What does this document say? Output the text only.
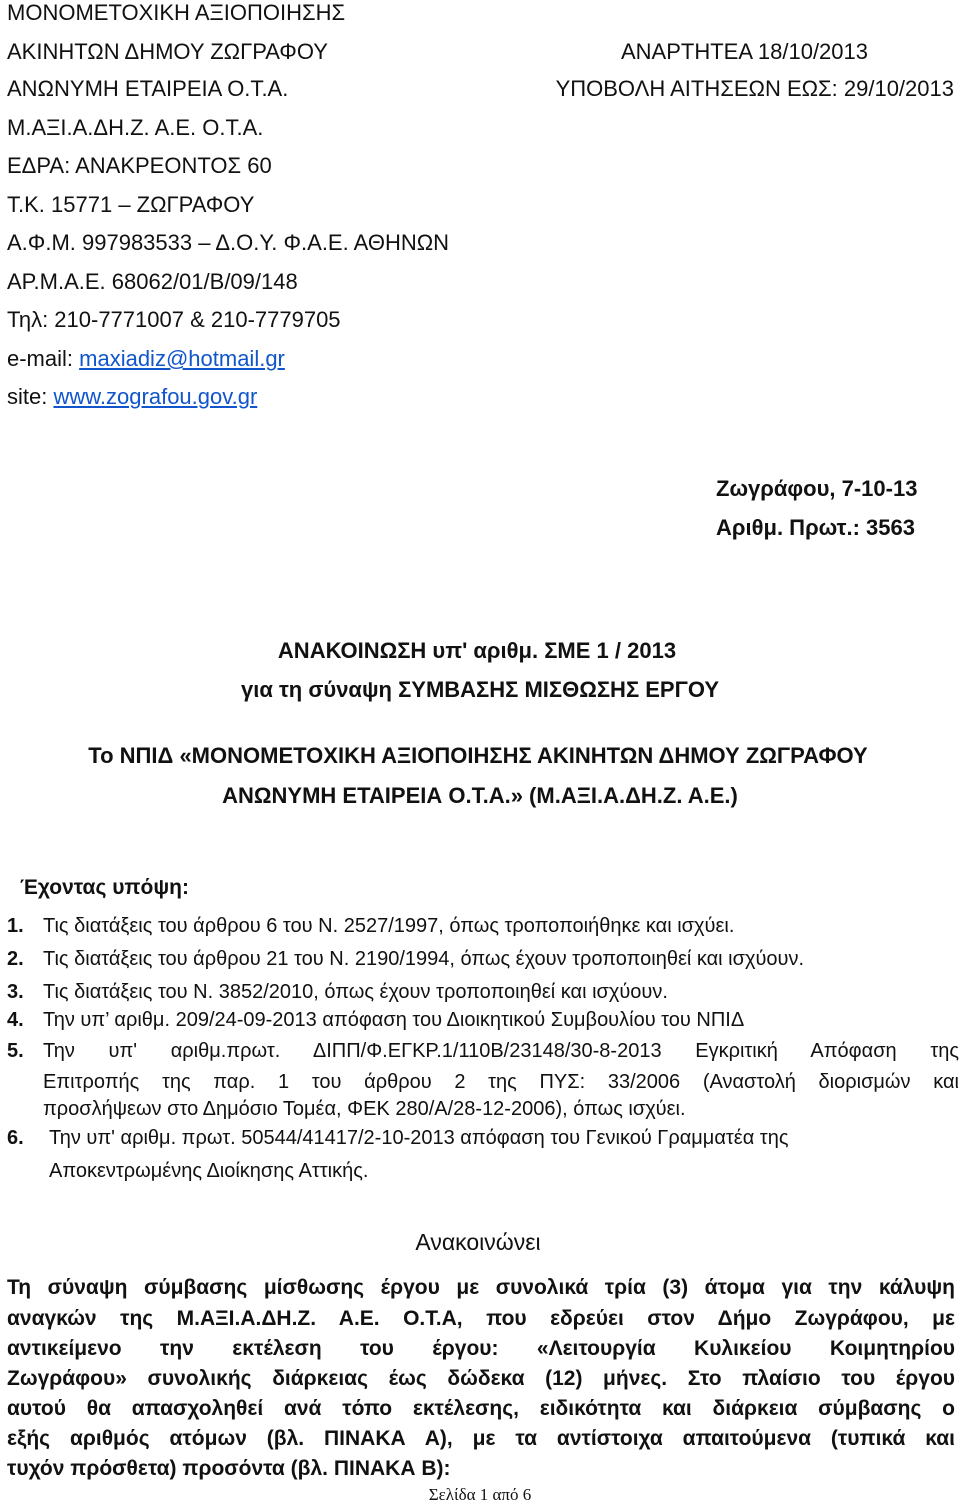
ΜΟΝΟΜΕΤΟΧΙΚΗ ΑΞΙΟΠΟΙΗΣΗΣ
ΑΚΙΝΗΤΩΝ ΔΗΜΟΥ ΖΩΓΡΑΦΟΥ
ΑΝΩΝΥΜΗ ΕΤΑΙΡΕΙΑ Ο.Τ.Α.
Μ.ΑΞΙ.Α.ΔΗ.Ζ. Α.Ε. Ο.Τ.Α.
ΕΔΡΑ: ΑΝΑΚΡΕΟΝΤΟΣ 60
Τ.Κ. 15771 – ΖΩΓΡΑΦΟΥ
Α.Φ.Μ. 997983533 – Δ.Ο.Υ. Φ.Α.Ε. ΑΘΗΝΩΝ
ΑΡ.Μ.Α.Ε. 68062/01/Β/09/148
Τηλ: 210-7771007 & 210-7779705
e-mail: maxiadiz@hotmail.gr
site: www.zografou.gov.gr
ΑΝΑΡΤΗΤΕΑ 18/10/2013
ΥΠΟΒΟΛΗ ΑΙΤΗΣΕΩΝ ΕΩΣ: 29/10/2013
Ζωγράφου, 7-10-13
Αριθμ. Πρωτ.: 3563
ΑΝΑΚΟΙΝΩΣΗ υπ' αριθμ. ΣΜΕ 1 / 2013
για τη σύναψη ΣΥΜΒΑΣΗΣ ΜΙΣΘΩΣΗΣ ΕΡΓΟΥ
Το ΝΠΙΔ «ΜΟΝΟΜΕΤΟΧΙΚΗ ΑΞΙΟΠΟΙΗΣΗΣ ΑΚΙΝΗΤΩΝ ΔΗΜΟΥ ΖΩΓΡΑΦΟΥ
ΑΝΩΝΥΜΗ ΕΤΑΙΡΕΙΑ Ο.Τ.Α.» (Μ.ΑΞΙ.Α.ΔΗ.Ζ. Α.Ε.)
Έχοντας υπόψη:
1. Τις διατάξεις του άρθρου 6 του Ν. 2527/1997, όπως τροποποιήθηκε και ισχύει.
2. Τις διατάξεις του άρθρου 21 του Ν. 2190/1994, όπως έχουν τροποποιηθεί και ισχύουν.
3. Τις διατάξεις του Ν. 3852/2010, όπως έχουν τροποποιηθεί και ισχύουν.
4. Την υπ’ αριθμ. 209/24-09-2013 απόφαση του Διοικητικού Συμβουλίου του ΝΠΙΔ
5. Την υπ' αριθμ.πρωτ. ΔΙΠΠ/Φ.ΕΓΚΡ.1/110Β/23148/30-8-2013 Εγκριτική Απόφαση της
Επιτροπής της παρ. 1 του άρθρου 2 της ΠΥΣ: 33/2006 (Αναστολή διορισμών και
προσλήψεων στο Δημόσιο Τομέα, ΦΕΚ 280/Α/28-12-2006), όπως ισχύει.
6. Την υπ' αριθμ. πρωτ. 50544/41417/2-10-2013 απόφαση του Γενικού Γραμματέα της
Αποκεντρωμένης Διοίκησης Αττικής.
Ανακοινώνει
Τη σύναψη σύμβασης μίσθωσης έργου με συνολικά τρία (3) άτομα για την κάλυψη
αναγκών της Μ.ΑΞΙ.Α.ΔΗ.Ζ. Α.Ε. Ο.Τ.Α, που εδρεύει στον Δήμο Ζωγράφου, με
αντικείμενο την εκτέλεση του έργου: «Λειτουργία Κυλικείου Κοιμητηρίου
Ζωγράφου» συνολικής διάρκειας έως δώδεκα (12) μήνες. Στο πλαίσιο του έργου
αυτού θα απασχοληθεί ανά τόπο εκτέλεσης, ειδικότητα και διάρκεια σύμβασης ο
εξής αριθμός ατόμων (βλ. ΠΙΝΑΚΑ Α), με τα αντίστοιχα απαιτούμενα (τυπικά και
τυχόν πρόσθετα) προσόντα (βλ. ΠΙΝΑΚΑ Β):
Σελίδα 1 από 6
